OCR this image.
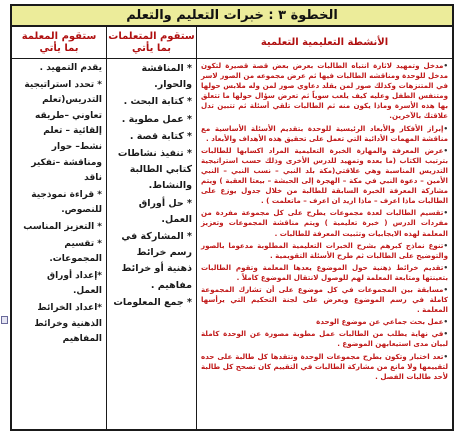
الخطوة ٣ : خبرات التعليم والتعلم
الأنشطة التعليمية التعلمية
• مدخل وتمهيد لاثارة انتباه الطالبات بعرض بعض قصة قصيرة لتكون مدخل للوحدة ومناقشه الطالبات فيها ثم عرض مجموعه من الصور لاسر في المتنزهات وكذلك صور لمن يقلد دعاوي صور لمن وله ملابس حولها ومتنفس الطفل وعليه كيف يلعب سوياً ثم تعرض سؤال حولها ما تتعلق بها هذه الأسرة وماذا يكون منه ثم الطالبات تلقي أسئلة ثم تتبين تدل علاقتك بالآخرين.
• إبراز الأفكار والأبعاد الرئيسية للوحدة بتقديم الأسئلة الأساسية مع مناقشة المهمات الأدائية التي تعمل على تحقيق هذه الأهداف والأبعاد .
• عرض المعرفة والمهارة الخبرة التعليمية المراد اكسابها للطالبات بترتيب الكتاب (ما بعده وتمهيد للدرس الأخرى وذلك حسب استراتيجية التدريس المناسبة وهي علاقتي(مكة بلد النبي – نسب النبي – النبي الأمين – دعوة النبي في مكة – الهجرة إلى الحبشة – بيعتا العقبة ) ويتم مشاركة المعرفة الخبرة السابقة للطالبة من خلال جدول يوزع على الطالبات ماذا اعرف – ماذا اريد ان اعرف – ماتعلمت ) .
• تقسيم الطالبات لعدة مجموعات يطرح على كل مجموعة مفردة من مفردات الدرس ( خبرة تعليمية ) ويتم مناقشة المجموعات وتعزيز المعلمة لهذه الايجابيات وتثبيت المعرفة للطالبات .
• تنوع نماذج كبرهم بشرح الخبرات التعليمية المطلوبة مدعوما بالصور والتوضيح على الطالبات ثم طرح الأسئلة التقويمية .
• تقديم خرائط ذهنية حول الموضوع يعدها المعلمة وتقوم الطالبات بتعينتها ومتابعة المعلمة لهم للوصول لانتقال الموضوع كاملاً .
• مسابقة بين المجموعات في كل موضوع على أن تشارك المجموعة كاملة في رسم الموضوع ويعرض على لجنة التحكيم التي يرأسها المعلمة .
• عمل بحث جماعي عن موضوع الوحدة
• في نهاية يطلب من الطالبات عمل مطوية مصورة عن الوحدة كاملة لبيان مدى استيعابهن الموضوع .
• تعد اختبار وتكون بطرح مجموعات الوحدة وتتقدها كل طالبة على حده لتقييمها ولا مانع من مشاركة الطالبات في التقييم كان تصحح كل طالبة لأحد طالبات الفصل .
ستقوم المتعلمات
بما يأتي
* المناقشة والحوار.
* كتابة البحث .
* عمل مطوية .
* كتابة قصة .
* تنفيذ نشاطات كتابي الطالبة والنشاط.
* حل أوراق العمل.
* المشاركة في رسم خرائط ذهنية أو خرائط مفاهيم .
* جمع المعلومات
ستقوم المعلمة
بما يأتي
يقدم التمهيد .
* تحدد استراتيجية التدريس(تعلم تعاوني –طريقه إلقائية – تعلم نشط– حوار ومناقشة –تفكير ناقد
* قراءة نموذجية للنصوص.
* التعزيز المناسب
* تقسيم المجموعات.
*إعداد أوراق العمل.
*اعداد الخرائط الذهنية وخرائط المفاهيم
